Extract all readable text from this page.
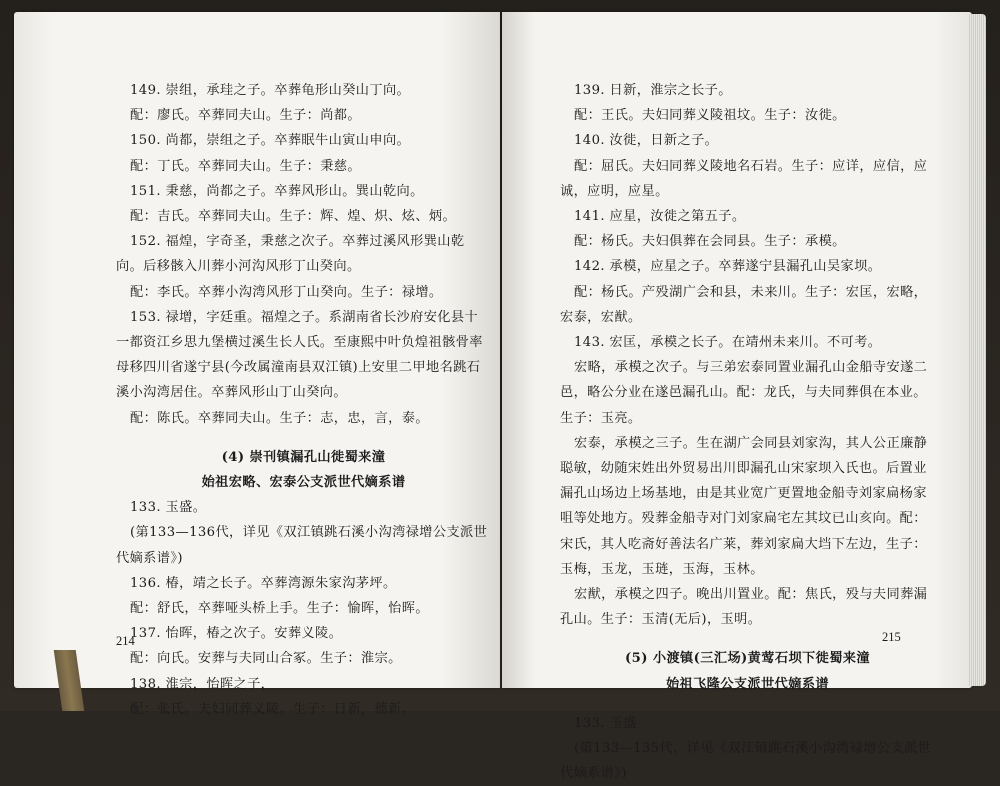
149. 崇组，承珪之子。卒葬龟形山癸山丁向。

配：廖氏。卒葬同夫山。生子：尚都。

150. 尚都，崇组之子。卒葬眠牛山寅山申向。

配：丁氏。卒葬同夫山。生子：秉慈。

151. 秉慈，尚都之子。卒葬风形山。巽山乾向。

配：吉氏。卒葬同夫山。生子：辉、煌、炽、炫、炳。

152. 福煌，字奇圣，秉慈之次子。卒葬过溪风形巽山乾向。后移骸入川葬小河沟风形丁山癸向。

配：李氏。卒葬小沟湾风形丁山癸向。生子：禄增。

153. 禄增，字廷重。福煌之子。系湖南省长沙府安化县十一都资江乡思九堡横过溪生长人氏。至康熙中叶负煌祖骸骨率母移四川省遂宁县(今改属潼南县双江镇)上安里二甲地名跳石溪小沟湾居住。卒葬风形山丁山癸向。

配：陈氏。卒葬同夫山。生子：志，忠，言，泰。

(4) 崇刊镇漏孔山徙蜀来潼

始祖宏略、宏泰公支派世代嫡系谱

133. 玉盛。

(第133—136代，详见《双江镇跳石溪小沟湾禄增公支派世代嫡系谱》)

136. 椿，靖之长子。卒葬湾源朱家沟茅坪。

配：舒氏，卒葬哑头桥上手。生子：愉晖，怡晖。

137. 怡晖，椿之次子。安葬义陵。

配：向氏。安葬与夫同山合冢。生子：淮宗。

138. 淮宗，怡晖之子，

配：张氏。夫妇同葬义陵。生子：日新，德新。

214

139. 日新，淮宗之长子。

配：王氏。夫妇同葬义陵祖坟。生子：汝徙。

140. 汝徙，日新之子。

配：屈氏。夫妇同葬义陵地名石岩。生子：应详，应信，应诚，应明，应星。

141. 应星，汝徙之第五子。

配：杨氏。夫妇俱葬在会同县。生子：承模。

142. 承模，应星之子。卒葬遂宁县漏孔山吴家坝。

配：杨氏。产殁湖广会和县，未来川。生子：宏匡，宏略，宏泰，宏猷。

143. 宏匡，承模之长子。在靖州未来川。不可考。

宏略，承模之次子。与三弟宏泰同置业漏孔山金船寺安遂二邑，略公分业在遂邑漏孔山。配：龙氏，与夫同葬俱在本业。生子：玉亮。

宏泰，承模之三子。生在湖广会同县刘家沟，其人公正廉静聪敏，幼随宋姓出外贸易出川即漏孔山宋家坝入氏也。后置业漏孔山场边上场基地，由是其业宽广更置地金船寺刘家扁杨家咀等处地方。殁葬金船寺对门刘家扁宅左其坟已山亥向。配：宋氏，其人吃斋好善法名广莱，葬刘家扁大垱下左边，生子：玉梅，玉龙，玉琏，玉海，玉林。

宏猷，承模之四子。晚出川置业。配：焦氏，殁与夫同葬漏孔山。生子：玉清(无后)，玉明。

(5) 小渡镇(三汇场)黄莺石坝下徙蜀来潼

始祖飞隆公支派世代嫡系谱

133. 玉盛

(第133—135代，详见《双江镇跳石溪小沟湾禄增公支派世代嫡系谱》)

215
